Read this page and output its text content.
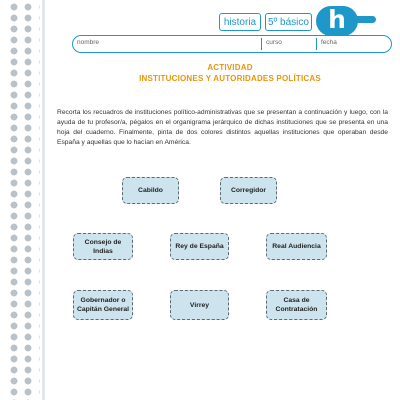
historia	5º básico h
nombre	curso	fecha
ACTIVIDAD
INSTITUCIONES Y AUTORIDADES POLÍTICAS
Recorta los recuadros de instituciones político-administrativas que se presentan a continuación y luego, con la ayuda de tu profesor/a, pégalos en el organigrama jerárquico de dichas instituciones que se presenta en una hoja del cuaderno. Finalmente, pinta de dos colores distintos aquellas instituciones que operaban desde España y aquellas que lo hacían en América.
Cabildo	Corregidor
Consejo de Indias
Rey de España	Real Audiencia
Gobernador o Capitán General
Virrey
Casa de Contratación
